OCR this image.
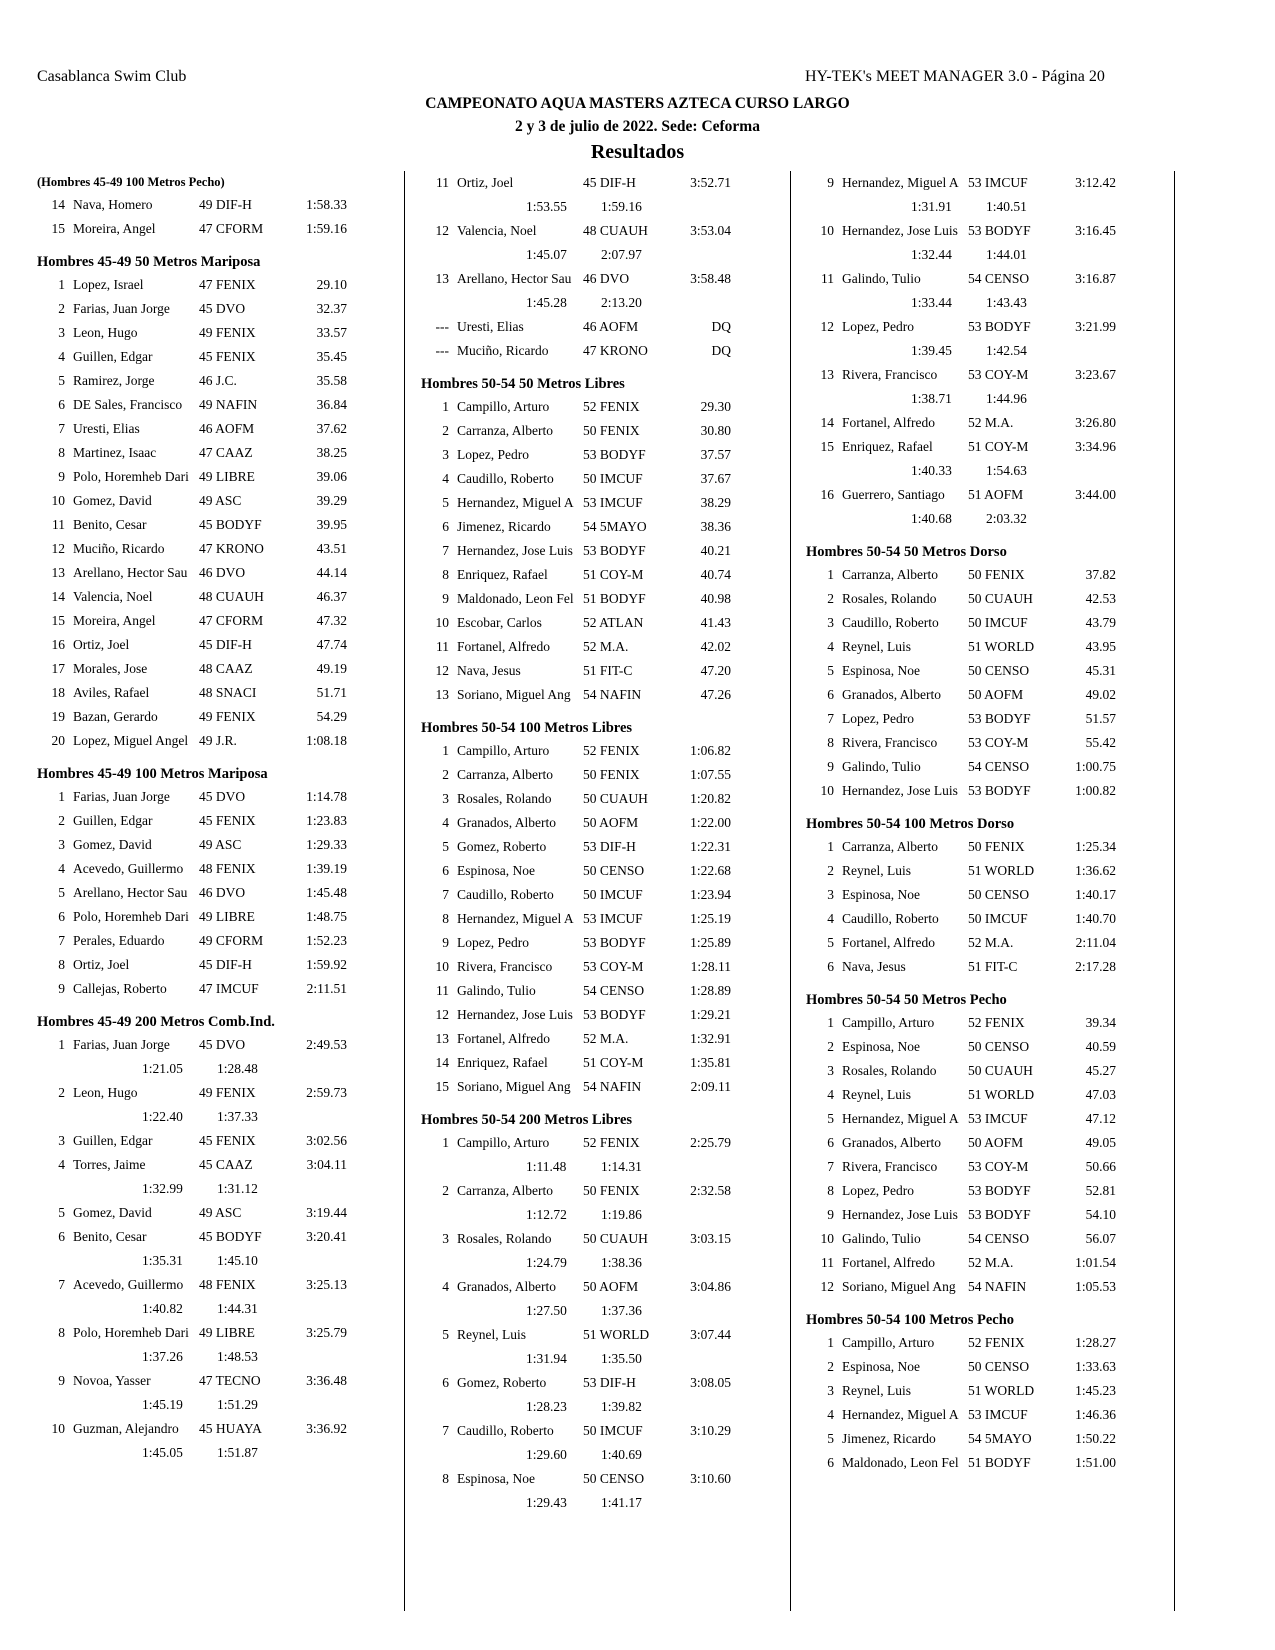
Casablanca Swim Club	HY-TEK's MEET MANAGER 3.0 - Página 20
CAMPEONATO AQUA MASTERS AZTECA CURSO LARGO
2 y 3 de julio de 2022. Sede: Ceforma
Resultados
(Hombres 45-49 100 Metros Pecho)
14 Nava, Homero	49 DIF-H	1:58.33
15 Moreira, Angel	47 CFORM	1:59.16
Hombres 45-49 50 Metros Mariposa
1 Lopez, Israel	47 FENIX	29.10
2 Farias, Juan Jorge	45 DVO	32.37
3 Leon, Hugo	49 FENIX	33.57
4 Guillen, Edgar	45 FENIX	35.45
5 Ramirez, Jorge	46 J.C.	35.58
6 DE Sales, Francisco	49 NAFIN	36.84
7 Uresti, Elias	46 AOFM	37.62
8 Martinez, Isaac	47 CAAZ	38.25
9 Polo, Horemheb Dari 49 LIBRE	39.06
10 Gomez, David	49 ASC	39.29
11 Benito, Cesar	45 BODYF	39.95
12 Muciño, Ricardo	47 KRONO	43.51
13 Arellano, Hector Sau 46 DVO	44.14
14 Valencia, Noel	48 CUAUH	46.37
15 Moreira, Angel	47 CFORM	47.32
16 Ortiz, Joel	45 DIF-H	47.74
17 Morales, Jose	48 CAAZ	49.19
18 Aviles, Rafael	48 SNACI	51.71
19 Bazan, Gerardo	49 FENIX	54.29
20 Lopez, Miguel Angel 49 J.R.	1:08.18
Hombres 45-49 100 Metros Mariposa
1 Farias, Juan Jorge	45 DVO	1:14.78
2 Guillen, Edgar	45 FENIX	1:23.83
3 Gomez, David	49 ASC	1:29.33
4 Acevedo, Guillermo	48 FENIX	1:39.19
5 Arellano, Hector Sau 46 DVO	1:45.48
6 Polo, Horemheb Dari 49 LIBRE	1:48.75
7 Perales, Eduardo	49 CFORM	1:52.23
8 Ortiz, Joel	45 DIF-H	1:59.92
9 Callejas, Roberto	47 IMCUF	2:11.51
Hombres 45-49 200 Metros Comb.Ind.
1 Farias, Juan Jorge	45 DVO	2:49.53
1:21.05	1:28.48
2 Leon, Hugo	49 FENIX	2:59.73
1:22.40	1:37.33
3 Guillen, Edgar	45 FENIX	3:02.56
4 Torres, Jaime	45 CAAZ	3:04.11
1:32.99	1:31.12
5 Gomez, David	49 ASC	3:19.44
6 Benito, Cesar	45 BODYF	3:20.41
1:35.31	1:45.10
7 Acevedo, Guillermo	48 FENIX	3:25.13
1:40.82	1:44.31
8 Polo, Horemheb Dari 49 LIBRE	3:25.79
1:37.26	1:48.53
9 Novoa, Yasser	47 TECNO	3:36.48
1:45.19	1:51.29
10 Guzman, Alejandro	45 HUAYA	3:36.92
1:45.05	1:51.87
11 Ortiz, Joel	45 DIF-H	3:52.71
1:53.55	1:59.16
12 Valencia, Noel	48 CUAUH	3:53.04
1:45.07	2:07.97
13 Arellano, Hector Sau 46 DVO	3:58.48
1:45.28	2:13.20
--- Uresti, Elias	46 AOFM	DQ
--- Muciño, Ricardo	47 KRONO	DQ
Hombres 50-54 50 Metros Libres
1 Campillo, Arturo	52 FENIX	29.30
2 Carranza, Alberto	50 FENIX	30.80
3 Lopez, Pedro	53 BODYF	37.57
4 Caudillo, Roberto	50 IMCUF	37.67
5 Hernandez, Miguel A 53 IMCUF	38.29
6 Jimenez, Ricardo	54 5MAYO	38.36
7 Hernandez, Jose Luis 53 BODYF	40.21
8 Enriquez, Rafael	51 COY-M	40.74
9 Maldonado, Leon Fel 51 BODYF	40.98
10 Escobar, Carlos	52 ATLAN	41.43
11 Fortanel, Alfredo	52 M.A.	42.02
12 Nava, Jesus	51 FIT-C	47.20
13 Soriano, Miguel Ang 54 NAFIN	47.26
Hombres 50-54 100 Metros Libres
1 Campillo, Arturo	52 FENIX	1:06.82
2 Carranza, Alberto	50 FENIX	1:07.55
3 Rosales, Rolando	50 CUAUH	1:20.82
4 Granados, Alberto	50 AOFM	1:22.00
5 Gomez, Roberto	53 DIF-H	1:22.31
6 Espinosa, Noe	50 CENSO	1:22.68
7 Caudillo, Roberto	50 IMCUF	1:23.94
8 Hernandez, Miguel A 53 IMCUF	1:25.19
9 Lopez, Pedro	53 BODYF	1:25.89
10 Rivera, Francisco	53 COY-M	1:28.11
11 Galindo, Tulio	54 CENSO	1:28.89
12 Hernandez, Jose Luis 53 BODYF	1:29.21
13 Fortanel, Alfredo	52 M.A.	1:32.91
14 Enriquez, Rafael	51 COY-M	1:35.81
15 Soriano, Miguel Ang 54 NAFIN	2:09.11
Hombres 50-54 200 Metros Libres
1 Campillo, Arturo	52 FENIX	2:25.79
1:11.48	1:14.31
2 Carranza, Alberto	50 FENIX	2:32.58
1:12.72	1:19.86
3 Rosales, Rolando	50 CUAUH	3:03.15
1:24.79	1:38.36
4 Granados, Alberto	50 AOFM	3:04.86
1:27.50	1:37.36
5 Reynel, Luis	51 WORLD	3:07.44
1:31.94	1:35.50
6 Gomez, Roberto	53 DIF-H	3:08.05
1:28.23	1:39.82
7 Caudillo, Roberto	50 IMCUF	3:10.29
1:29.60	1:40.69
8 Espinosa, Noe	50 CENSO	3:10.60
1:29.43	1:41.17
9 Hernandez, Miguel A 53 IMCUF	3:12.42
1:31.91	1:40.51
10 Hernandez, Jose Luis 53 BODYF	3:16.45
1:32.44	1:44.01
11 Galindo, Tulio	54 CENSO	3:16.87
1:33.44	1:43.43
12 Lopez, Pedro	53 BODYF	3:21.99
1:39.45	1:42.54
13 Rivera, Francisco	53 COY-M	3:23.67
1:38.71	1:44.96
14 Fortanel, Alfredo	52 M.A.	3:26.80
15 Enriquez, Rafael	51 COY-M	3:34.96
1:40.33	1:54.63
16 Guerrero, Santiago	51 AOFM	3:44.00
1:40.68	2:03.32
Hombres 50-54 50 Metros Dorso
1 Carranza, Alberto	50 FENIX	37.82
2 Rosales, Rolando	50 CUAUH	42.53
3 Caudillo, Roberto	50 IMCUF	43.79
4 Reynel, Luis	51 WORLD	43.95
5 Espinosa, Noe	50 CENSO	45.31
6 Granados, Alberto	50 AOFM	49.02
7 Lopez, Pedro	53 BODYF	51.57
8 Rivera, Francisco	53 COY-M	55.42
9 Galindo, Tulio	54 CENSO	1:00.75
10 Hernandez, Jose Luis 53 BODYF	1:00.82
Hombres 50-54 100 Metros Dorso
1 Carranza, Alberto	50 FENIX	1:25.34
2 Reynel, Luis	51 WORLD	1:36.62
3 Espinosa, Noe	50 CENSO	1:40.17
4 Caudillo, Roberto	50 IMCUF	1:40.70
5 Fortanel, Alfredo	52 M.A.	2:11.04
6 Nava, Jesus	51 FIT-C	2:17.28
Hombres 50-54 50 Metros Pecho
1 Campillo, Arturo	52 FENIX	39.34
2 Espinosa, Noe	50 CENSO	40.59
3 Rosales, Rolando	50 CUAUH	45.27
4 Reynel, Luis	51 WORLD	47.03
5 Hernandez, Miguel A 53 IMCUF	47.12
6 Granados, Alberto	50 AOFM	49.05
7 Rivera, Francisco	53 COY-M	50.66
8 Lopez, Pedro	53 BODYF	52.81
9 Hernandez, Jose Luis 53 BODYF	54.10
10 Galindo, Tulio	54 CENSO	56.07
11 Fortanel, Alfredo	52 M.A.	1:01.54
12 Soriano, Miguel Ang 54 NAFIN	1:05.53
Hombres 50-54 100 Metros Pecho
1 Campillo, Arturo	52 FENIX	1:28.27
2 Espinosa, Noe	50 CENSO	1:33.63
3 Reynel, Luis	51 WORLD	1:45.23
4 Hernandez, Miguel A 53 IMCUF	1:46.36
5 Jimenez, Ricardo	54 5MAYO	1:50.22
6 Maldonado, Leon Fel 51 BODYF	1:51.00
